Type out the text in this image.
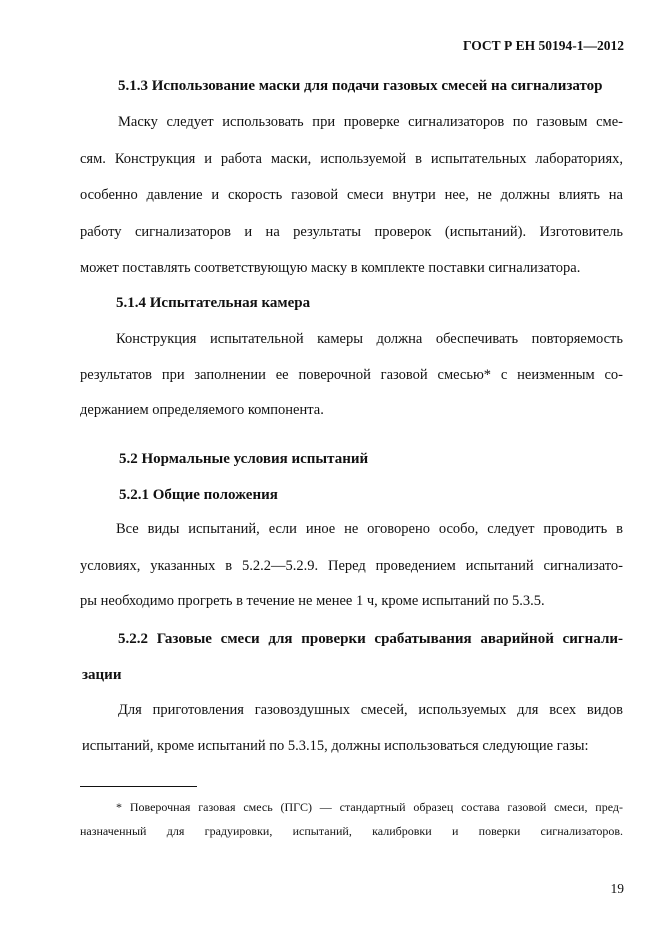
ГОСТ Р ЕН 50194-1—2012
5.1.3 Использование маски для подачи газовых смесей на сигнализатор
Маску следует использовать при проверке сигнализаторов по газовым сме-
сям. Конструкция и работа маски, используемой в испытательных лабораториях,
особенно давление и скорость газовой смеси внутри нее, не должны влиять на
работу сигнализаторов и на результаты проверок (испытаний). Изготовитель
может поставлять соответствующую маску в комплекте поставки сигнализатора.
5.1.4 Испытательная камера
Конструкция испытательной камеры должна обеспечивать повторяемость
результатов при заполнении ее поверочной газовой смесью* с неизменным со-
держанием определяемого компонента.
5.2 Нормальные условия испытаний
5.2.1 Общие положения
Все виды испытаний, если иное не оговорено особо, следует проводить в
условиях, указанных в 5.2.2—5.2.9. Перед проведением испытаний сигнализато-
ры необходимо прогреть в течение не менее 1 ч, кроме испытаний по 5.3.5.
5.2.2 Газовые смеси для проверки срабатывания аварийной сигнали-
зации
Для приготовления газовоздушных смесей, используемых для всех видов
испытаний, кроме испытаний по 5.3.15, должны использоваться следующие газы:
* Поверочная газовая смесь (ПГС) — стандартный образец состава газовой смеси, пред-
назначенный для градуировки, испытаний, калибровки и поверки сигнализаторов.
19
